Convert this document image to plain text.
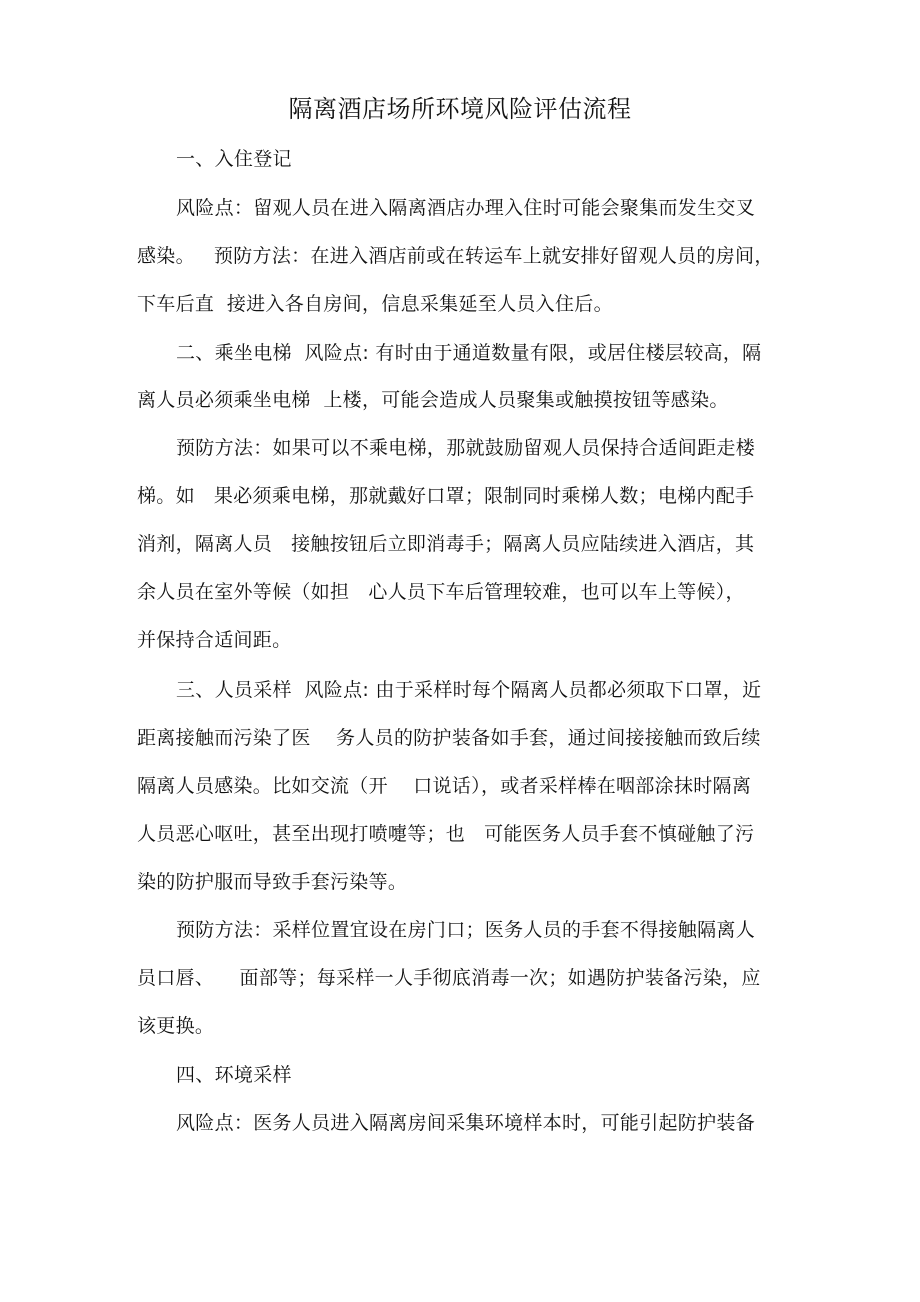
隔离酒店场所环境风险评估流程
一、入住登记
风险点：留观人员在进入隔离酒店办理入住时可能会聚集而发生交叉
感染。   预防方法：在进入酒店前或在转运车上就安排好留观人员的房间，
下车后直  接进入各自房间，信息采集延至人员入住后。
二、乘坐电梯  风险点: 有时由于通道数量有限，或居住楼层较高，隔
离人员必须乘坐电梯  上楼，可能会造成人员聚集或触摸按钮等感染。
预防方法：如果可以不乘电梯，那就鼓励留观人员保持合适间距走楼
梯。如   果必须乘电梯，那就戴好口罩；限制同时乘梯人数；电梯内配手
消剂，隔离人员   接触按钮后立即消毒手；隔离人员应陆续进入酒店，其
余人员在室外等候（如担   心人员下车后管理较难，也可以车上等候），
并保持合适间距。
三、人员采样  风险点: 由于采样时每个隔离人员都必须取下口罩，近
距离接触而污染了医    务人员的防护装备如手套，通过间接接触而致后续
隔离人员感染。比如交流（开    口说话），或者采样棒在咽部涂抹时隔离
人员恶心呕吐，甚至出现打喷嚏等；也   可能医务人员手套不慎碰触了污
染的防护服而导致手套污染等。
预防方法：采样位置宜设在房门口；医务人员的手套不得接触隔离人
员口唇、    面部等；每采样一人手彻底消毒一次；如遇防护装备污染，应
该更换。
四、环境采样
风险点：医务人员进入隔离房间采集环境样本时，可能引起防护装备
